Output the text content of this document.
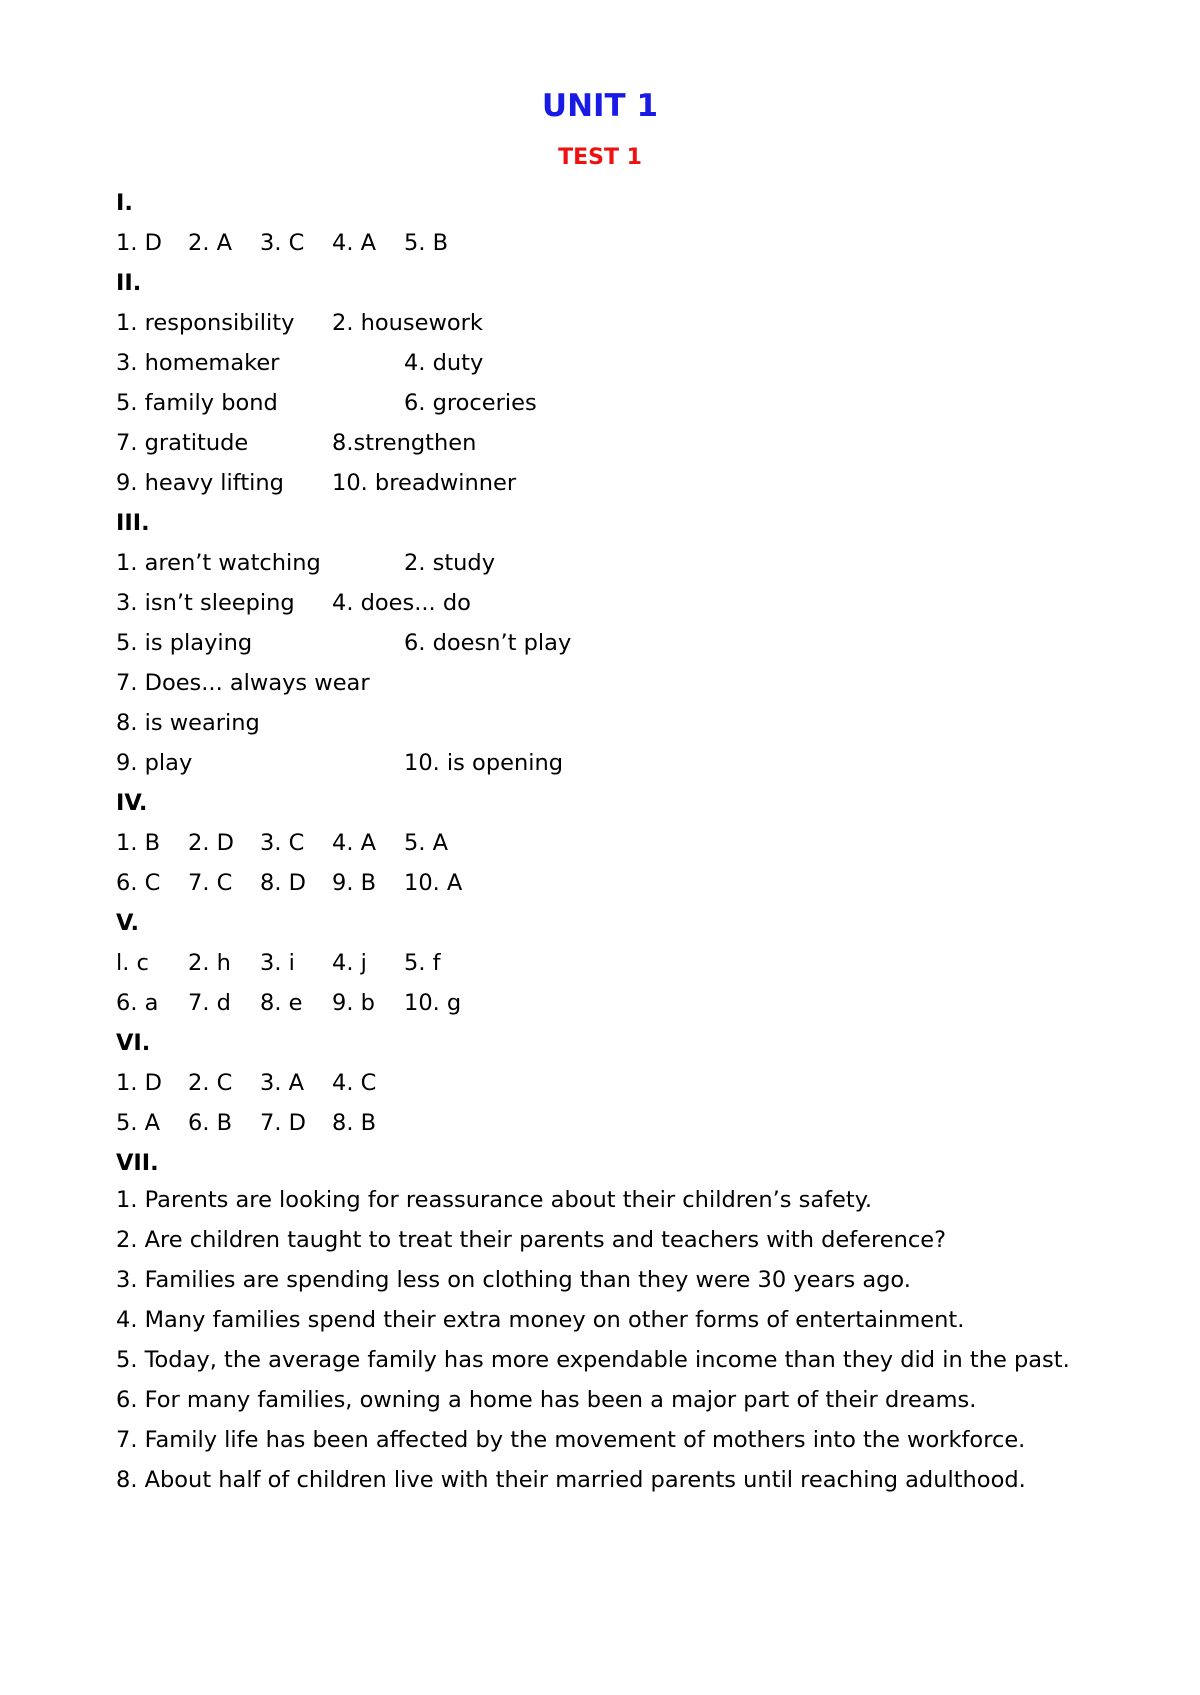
UNIT 1
TEST 1
I.
1. D 2. A 3. C 4. A 5. B
II.
1. responsibility 2. housework
3. homemaker	4. duty
5. family bond	6. groceries
7. gratitude	8.strengthen
9. heavy lifting 10. breadwinner
III.
1. aren’t watching	2. study
3. isn’t sleeping 4. does... do
5. is playing	6. doesn’t play
7. Does... always wear
8. is wearing
9. play	10. is opening
IV.
1. B 2. D 3. C 4. A 5. A
6. C 7. C 8. D 9. B 10. A
V.
l. c 2. h 3. i 4. j 5. f
6. a 7. d 8. e 9. b 10. g
VI.
1. D 2. C 3. A 4. C
5. A 6. B 7. D 8. B
VII.
1. Parents are looking for reassurance about their children’s safety.
2. Are children taught to treat their parents and teachers with deference?
3. Families are spending less on clothing than they were 30 years ago.
4. Many families spend their extra money on other forms of entertainment.
5. Today, the average family has more expendable income than they did in the past.
6. For many families, owning a home has been a major part of their dreams.
7. Family life has been affected by the movement of mothers into the workforce.
8. About half of children live with their married parents until reaching adulthood.
